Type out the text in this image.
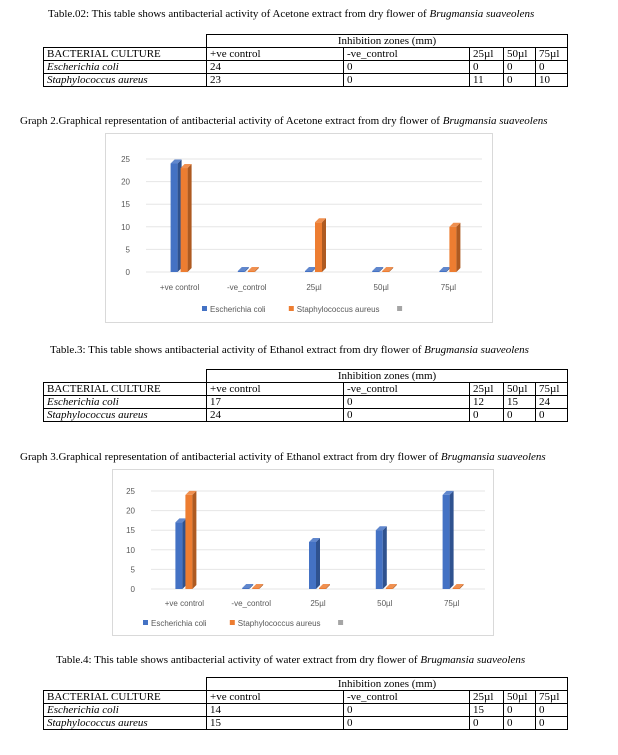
Table.02: This table shows antibacterial activity of Acetone extract from dry flower of Brugmansia suaveolens
	Inhibition zones (mm)				
BACTERIAL CULTURE	+ve control	-ve_control	25µl	50µl	75µl
Escherichia coli	24	0	0	0	0
Staphylococcus aureus	23	0	11	0	10
Graph 2.Graphical representation of antibacterial activity of Acetone extract from dry flower of Brugmansia suaveolens
0
5
10
15
20
25
+ve control	-ve_control	25µl	50µl	75µl
Escherichia coli	Staphylococcus aureus
Table.3: This table shows antibacterial activity of Ethanol extract from dry flower of Brugmansia suaveolens
	Inhibition zones (mm)				
BACTERIAL CULTURE	+ve control	-ve_control	25µl	50µl	75µl
Escherichia coli	17	0	12	15	24
Staphylococcus aureus	24	0	0	0	0
Graph 3.Graphical representation of antibacterial activity of Ethanol extract from dry flower of Brugmansia suaveolens
0
5
10
15
20
25
+ve control	-ve_control	25µl	50µl	75µl
Escherichia coli	Staphylococcus aureus
Table.4: This table shows antibacterial activity of water extract from dry flower of Brugmansia suaveolens
	Inhibition zones (mm)				
BACTERIAL CULTURE	+ve control	-ve_control	25µl	50µl	75µl
Escherichia coli	14	0	15	0	0
Staphylococcus aureus	15	0	0	0	0
